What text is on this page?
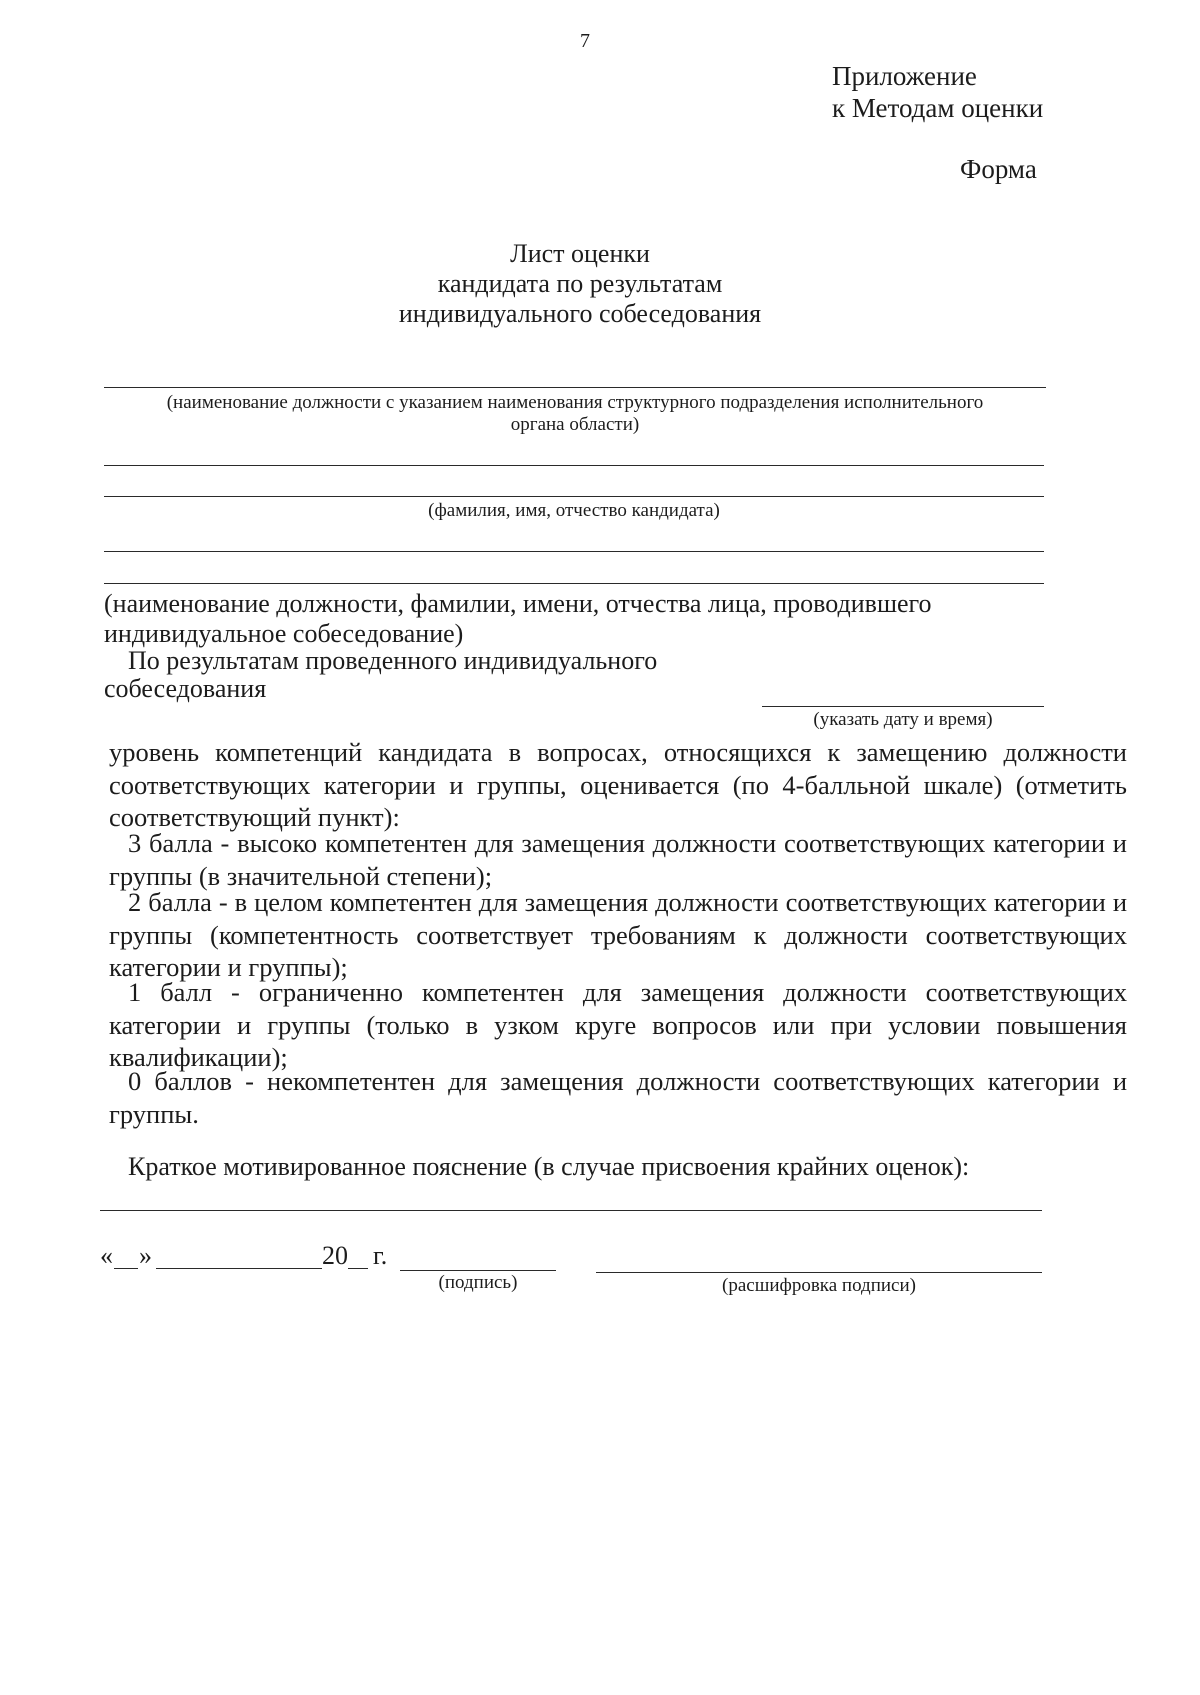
7
Приложение
к Методам оценки
Форма
Лист оценки
кандидата по результатам
индивидуального собеседования
(наименование должности с указанием наименования структурного подразделения исполнительного
органа области)
(фамилия, имя, отчество кандидата)
(наименование должности, фамилии, имени, отчества лица, проводившего
индивидуальное собеседование)
По результатам проведенного индивидуального
собеседования
(указать дату и время)
уровень компетенций кандидата в вопросах, относящихся к замещению должности соответствующих категории и группы, оценивается (по 4-балльной шкале) (отметить соответствующий пункт):
3 балла - высоко компетентен для замещения должности соответствующих категории и группы (в значительной степени);
2 балла - в целом компетентен для замещения должности соответствующих категории и группы (компетентность соответствует требованиям к должности соответствующих категории и группы);
1 балл - ограниченно компетентен для замещения должности соответствующих категории и группы (только в узком круге вопросов или при условии повышения квалификации);
0 баллов - некомпетентен для замещения должности соответствующих категории и группы.
Краткое мотивированное пояснение (в случае присвоения крайних оценок):
« »	20 г.
(подпись)	(расшифровка подписи)
